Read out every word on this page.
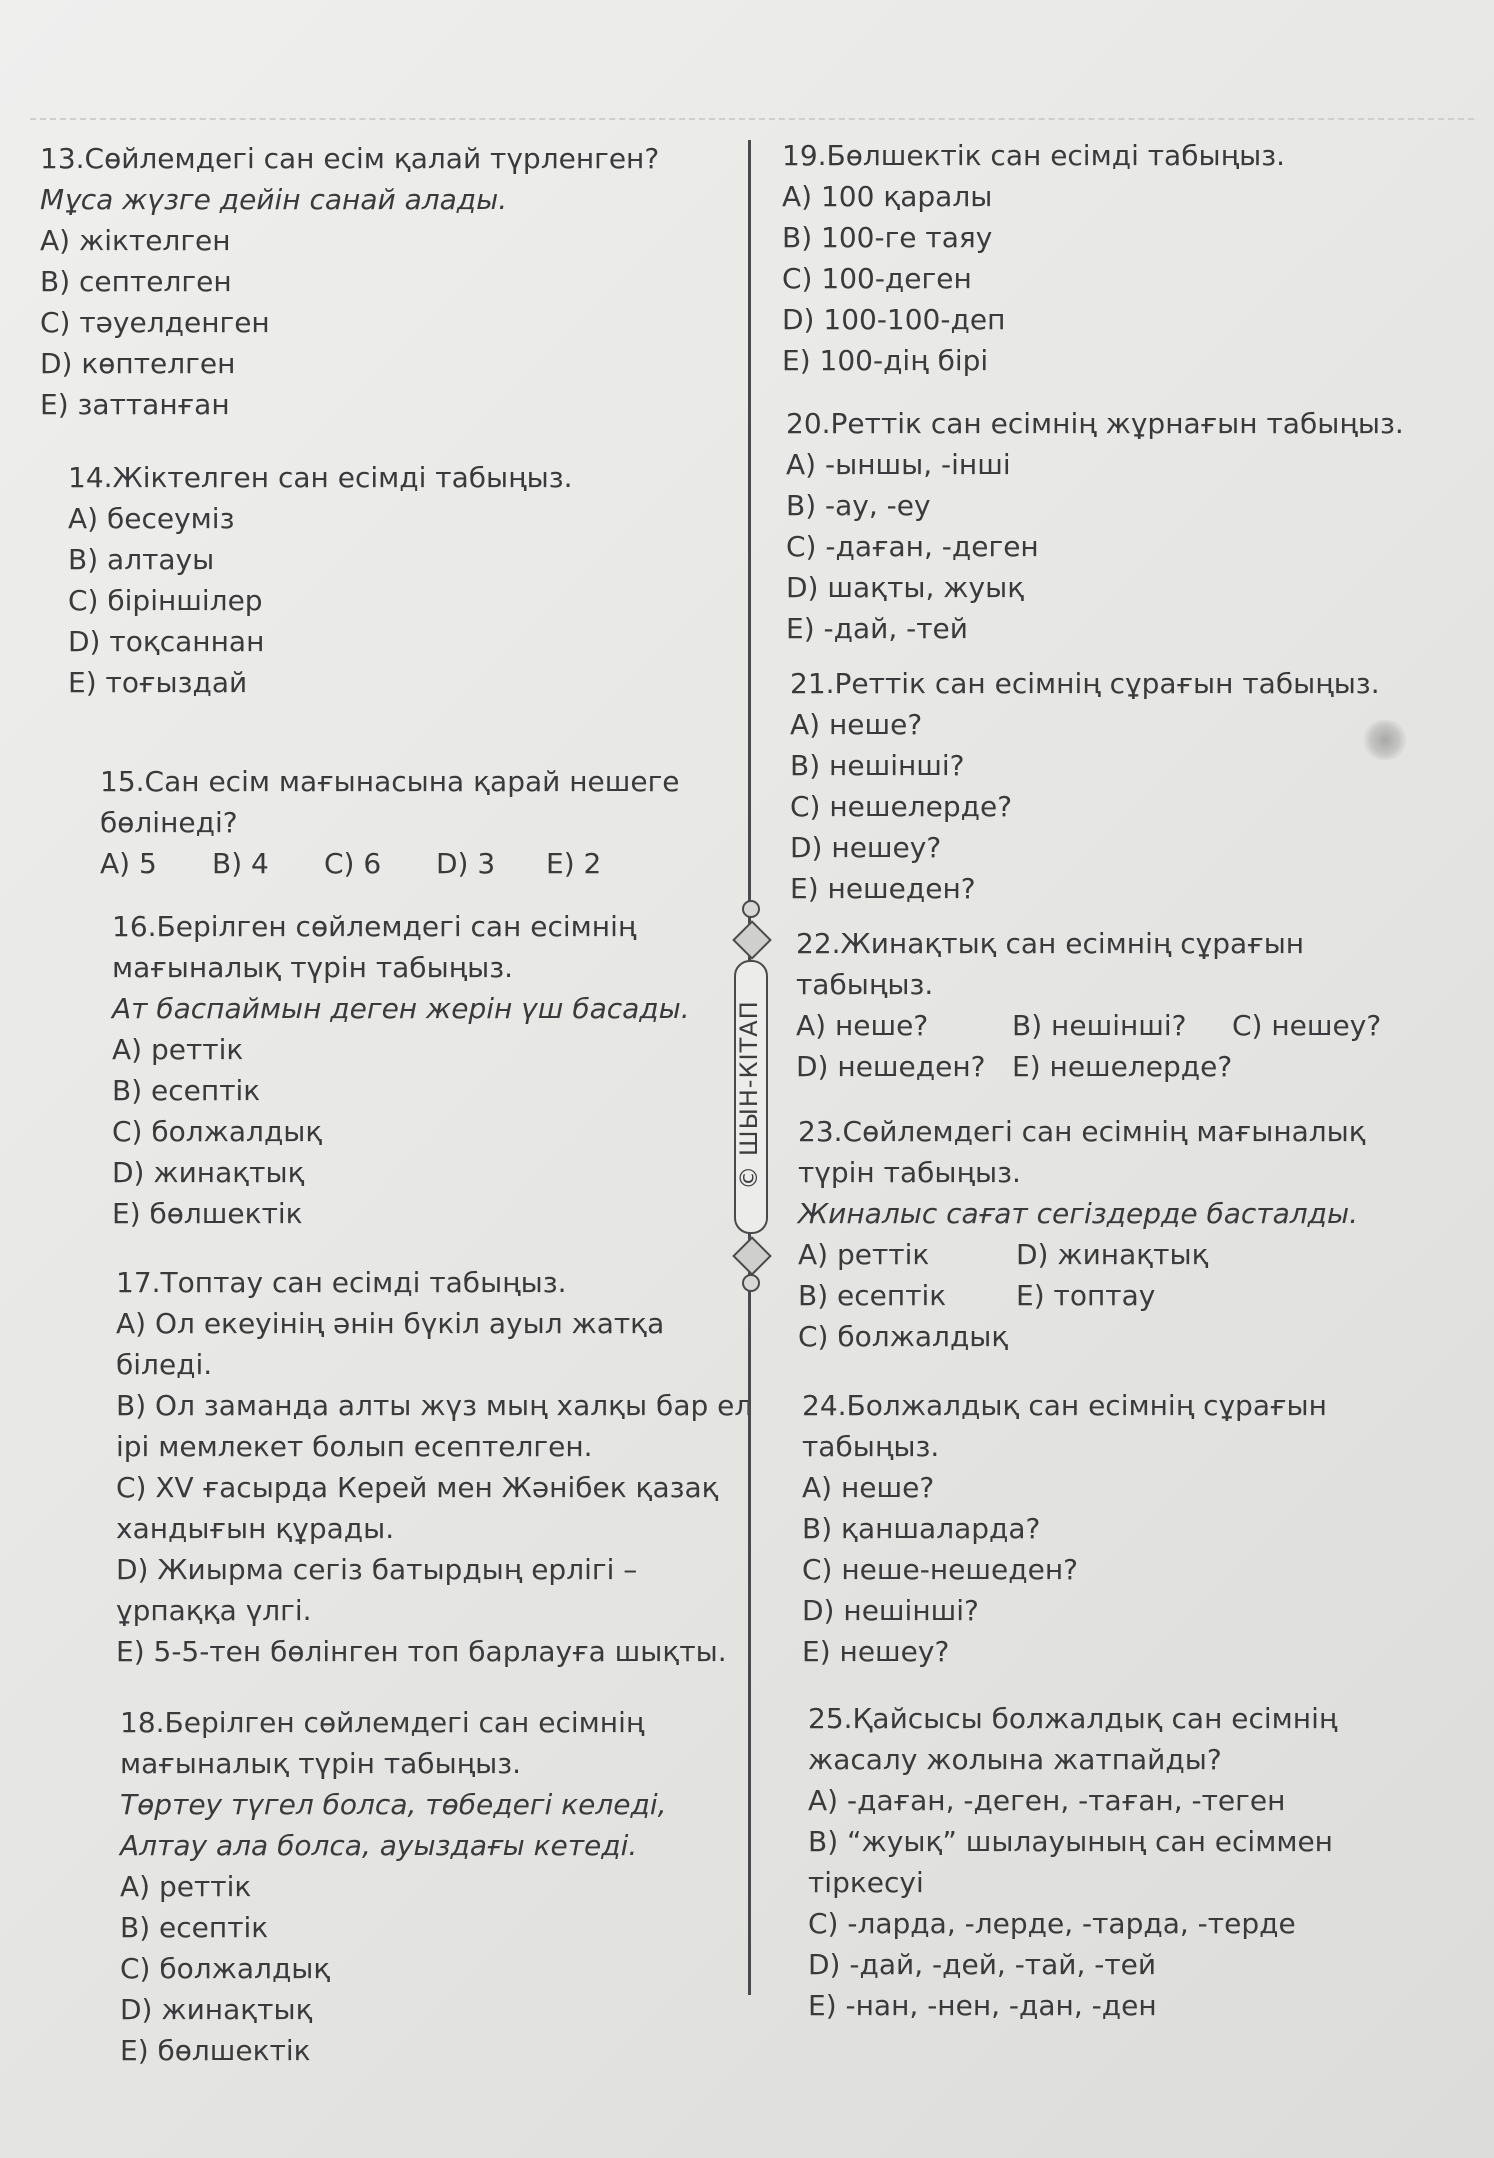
13.Сөйлемдегі сан есім қалай түрленген?

Мұса жүзге дейін санай алады.

A) жіктелген

B) септелген

C) тәуелденген

D) көптелген

E) заттанған

14.Жіктелген сан есімді табыңыз.

A) бесеуміз

B) алтауы

C) біріншілер

D) тоқсаннан

E) тоғыздай

15.Сан есім мағынасына қарай нешеге

бөлінеді?

A) 5	B) 4	C) 6	D) 3	E) 2

16.Берілген сөйлемдегі сан есімнің

мағыналық түрін табыңыз.

Ат баспаймын деген жерін үш басады.

A) реттік

B) есептік

C) болжалдық

D) жинақтық

E) бөлшектік

17.Топтау сан есімді табыңыз.

A) Ол екеуінің әнін бүкіл ауыл жатқа

біледі.

B) Ол заманда алты жүз мың халқы бар ел

ірі мемлекет болып есептелген.

C) XV ғасырда Керей мен Жәнібек қазақ

хандығын құрады.

D) Жиырма сегіз батырдың ерлігі –

ұрпаққа үлгі.

E) 5-5-тен бөлінген топ барлауға шықты.

18.Берілген сөйлемдегі сан есімнің

мағыналық түрін табыңыз.

Төртеу түгел болса, төбедегі келеді,

Алтау ала болса, ауыздағы кетеді.

A) реттік

B) есептік

C) болжалдық

D) жинақтық

E) бөлшектік

© ШЫН-КІТАП

19.Бөлшектік сан есімді табыңыз.

A) 100 қаралы

B) 100-ге таяу

C) 100-деген

D) 100-100-деп

E) 100-дің бірі

20.Реттік сан есімнің жұрнағын табыңыз.

A) -ыншы, -інші

B) -ау, -еу

C) -даған, -деген

D) шақты, жуық

E) -дай, -тей

21.Реттік сан есімнің сұрағын табыңыз.

A) неше?

B) нешінші?

C) нешелерде?

D) нешеу?

E) нешеден?

22.Жинақтық сан есімнің сұрағын

табыңыз.

A) неше?	B) нешінші?	C) нешеу?
D) нешеден? E) нешелерде?

23.Сөйлемдегі сан есімнің мағыналық

түрін табыңыз.

Жиналыс сағат сегіздерде басталды.

A) реттік	D) жинақтық
B) есептік	E) топтау

C) болжалдық

24.Болжалдық сан есімнің сұрағын

табыңыз.

A) неше?

B) қаншаларда?

C) неше-нешеден?

D) нешінші?

E) нешеу?

25.Қайсысы болжалдық сан есімнің

жасалу жолына жатпайды?

A) -даған, -деген, -таған, -теген

B) “жуық” шылауының сан есіммен

тіркесуі

C) -ларда, -лерде, -тарда, -терде

D) -дай, -дей, -тай, -тей

E) -нан, -нен, -дан, -ден
